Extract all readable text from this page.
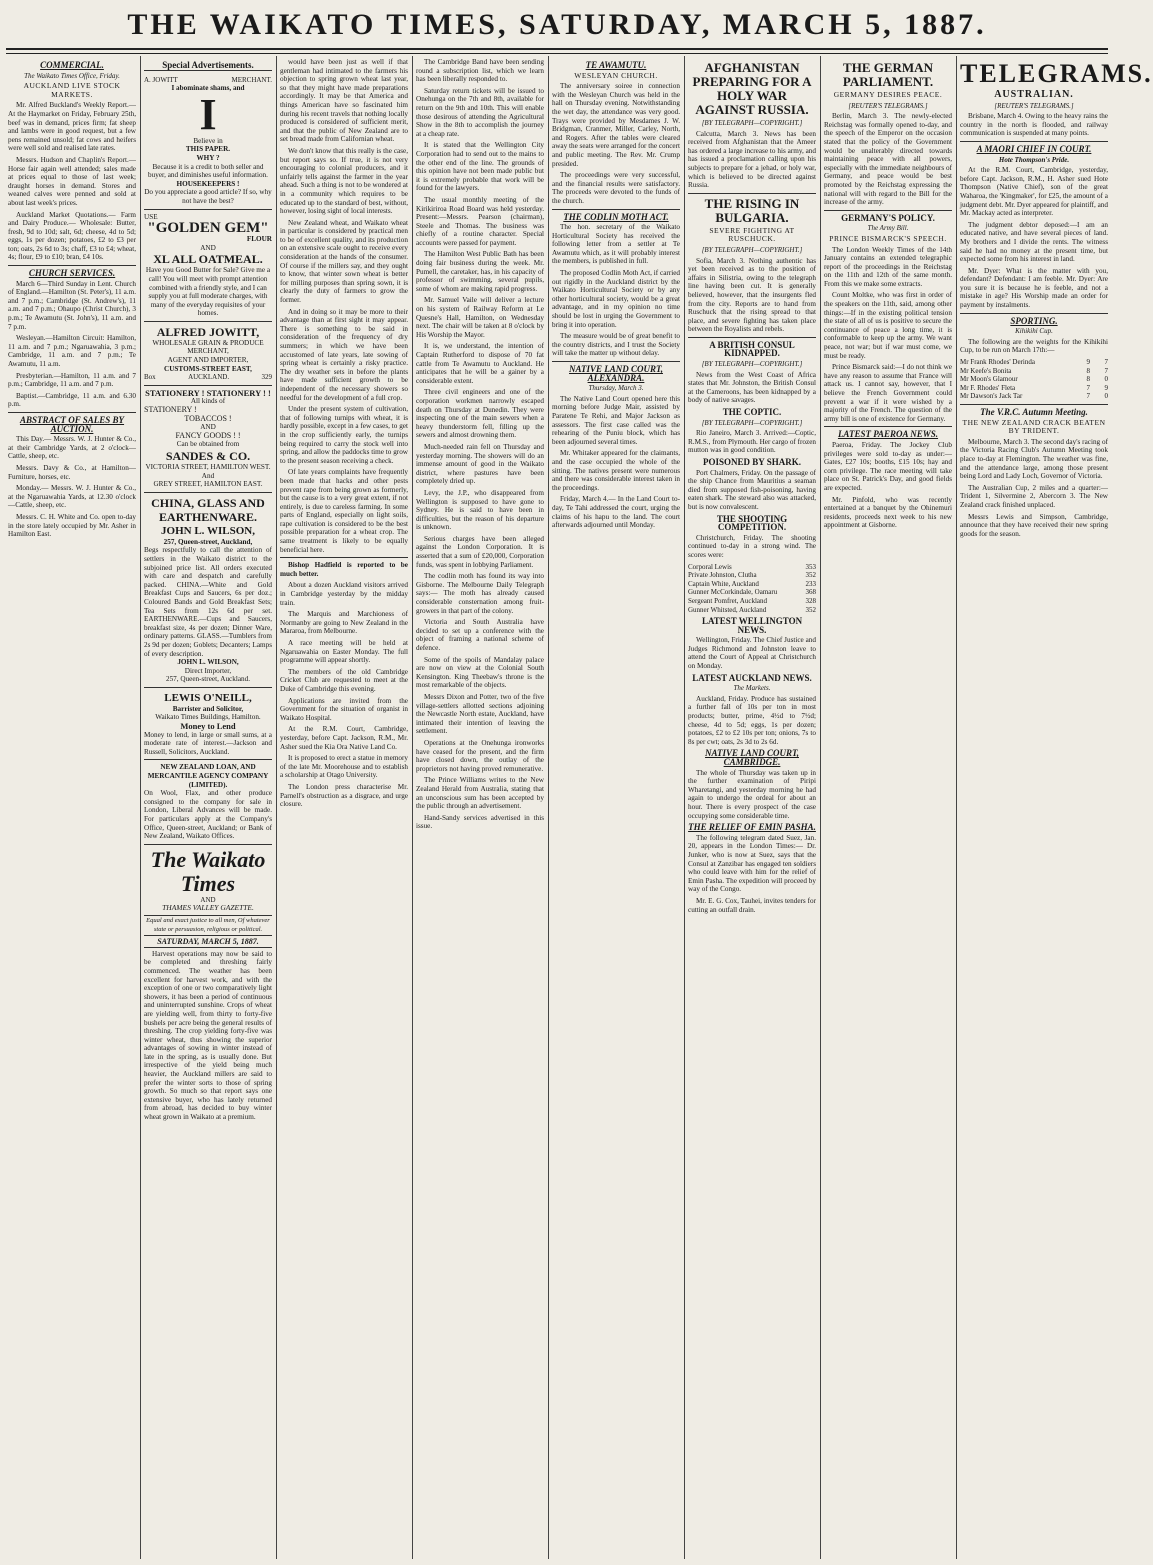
THE WAIKATO TIMES, SATURDAY, MARCH 5, 1887.
COMMERCIAL.
The Waikato Times Office, Friday.
AUCKLAND LIVE STOCK MARKETS.

Mr. Alfred Buckland's Weekly Report.— At the Haymarket on Friday, February 25th, beef was in demand, prices firm; fat sheep and lambs were in good request, but a few pens remained unsold; fat cows and heifers were well sold and realised late rates.

Messrs. Hudson and Chaplin's Report.— Horse fair again well attended; sales made at prices equal to those of last week; draught horses in demand. Stores and weaned calves were penned and sold at about last week's prices.

Auckland Market Quotations.— Farm and Dairy Produce.— Wholesale: Butter, fresh, 9d to 10d; salt, 6d; cheese, 4d to 5d; eggs, 1s per dozen; potatoes, £2 to £3 per ton; oats, 2s 6d to 3s; chaff, £3 to £4; wheat, 4s; flour, £9 to £10; bran, £4 10s.

CHURCH SERVICES.

March 6—Third Sunday in Lent. Church of England.—Hamilton (St. Peter's), 11 a.m. and 7 p.m.; Cambridge (St. Andrew's), 11 a.m. and 7 p.m.; Ohaupo (Christ Church), 3 p.m.; Te Awamutu (St. John's), 11 a.m. and 7 p.m.

Wesleyan.—Hamilton Circuit: Hamilton, 11 a.m. and 7 p.m.; Ngaruawahia, 3 p.m.; Cambridge, 11 a.m. and 7 p.m.; Te Awamutu, 11 a.m.

Presbyterian.—Hamilton, 11 a.m. and 7 p.m.; Cambridge, 11 a.m. and 7 p.m.

Baptist.—Cambridge, 11 a.m. and 6.30 p.m.

ABSTRACT OF SALES BY AUCTION.

This Day.— Messrs. W. J. Hunter & Co., at their Cambridge Yards, at 2 o'clock—Cattle, sheep, etc.

Messrs. Davy & Co., at Hamilton—Furniture, horses, etc.

Monday.— Messrs. W. J. Hunter & Co., at the Ngaruawahia Yards, at 12.30 o'clock—Cattle, sheep, etc.

Messrs. C. H. White and Co. open to-day in the store lately occupied by Mr. Asher in Hamilton East.

Special Advertisements.
A. JOWITT	MERCHANT.
I abominate shams, and
I
Believe in
THIS PAPER.
WHY ?
Because it is a credit to both seller and buyer, and diminishes useful information.
HOUSEKEEPERS !
Do you appreciate a good article? If so, why not have the best?
USE
"GOLDEN GEM"
FLOUR
AND
XL ALL OATMEAL.
Have you Good Butter for Sale? Give me a call! You will meet with prompt attention combined with a friendly style, and I can supply you at full moderate charges, with many of the everyday requisites of your homes.
ALFRED JOWITT,
WHOLESALE GRAIN & PRODUCE MERCHANT,
AGENT AND IMPORTER,
CUSTOMS-STREET EAST,
Box	AUCKLAND.	329
STATIONERY ! STATIONERY ! !
All kinds of
STATIONERY !
TOBACCOS !
AND
FANCY GOODS ! !
Can be obtained from
SANDES & CO.
VICTORIA STREET, HAMILTON WEST.
And
GREY STREET, HAMILTON EAST.
CHINA, GLASS AND
EARTHENWARE.
JOHN L. WILSON,
257, Queen-street, Auckland,
Begs respectfully to call the attention of settlers in the Waikato district to the subjoined price list. All orders executed with care and despatch and carefully packed. CHINA.—White and Gold Breakfast Cups and Saucers, 6s per doz.; Coloured Bands and Gold Breakfast Sets; Tea Sets from 12s 6d per set. EARTHENWARE.—Cups and Saucers, breakfast size, 4s per dozen; Dinner Ware, ordinary patterns. GLASS.—Tumblers from 2s 9d per dozen; Goblets; Decanters; Lamps of every description.
JOHN L. WILSON,
Direct Importer,
257, Queen-street, Auckland.
LEWIS O'NEILL,
Barrister and Solicitor,
Waikato Times Buildings, Hamilton.
Money to Lend
Money to lend, in large or small sums, at a moderate rate of interest.—Jackson and Russell, Solicitors, Auckland.
NEW ZEALAND LOAN, AND MERCANTILE AGENCY COMPANY (LIMITED).
On Wool, Flax, and other produce consigned to the company for sale in London, Liberal Advances will be made. For particulars apply at the Company's Office, Queen-street, Auckland; or Bank of New Zealand, Waikato Offices.
The Waikato Times
AND
THAMES VALLEY GAZETTE.
Equal and exact justice to all men, Of whatever state or persuasion, religious or political.
SATURDAY, MARCH 5, 1887.

Harvest operations may now be said to be completed and threshing fairly commenced. The weather has been excellent for harvest work, and with the exception of one or two comparatively light showers, it has been a period of continuous and uninterrupted sunshine. Crops of wheat are yielding well, from thirty to forty-five bushels per acre being the general results of threshing. The crop yielding forty-five was winter wheat, thus showing the superior advantages of sowing in winter instead of late in the spring, as is usually done. But irrespective of the yield being much heavier, the Auckland millers are said to prefer the winter sorts to those of spring growth. So much so that report says one extensive buyer, who has lately returned from abroad, has decided to buy winter wheat grown in Waikato at a premium.

would have been just as well if that gentleman had intimated to the farmers his objection to spring grown wheat last year, so that they might have made preparations accordingly. It may be that America and things American have so fascinated him during his recent travels that nothing locally produced is considered of sufficient merit, and that the public of New Zealand are to set bread made from Californian wheat.

We don't know that this really is the case, but report says so. If true, it is not very encouraging to colonial producers, and it unfairly tells against the farmer in the year ahead. Such a thing is not to be wondered at in a community which requires to be educated up to the standard of best, without, however, losing sight of local interests.

New Zealand wheat, and Waikato wheat in particular is considered by practical men to be of excellent quality, and its production on an extensive scale ought to receive every consideration at the hands of the consumer. Of course if the millers say, and they ought to know, that winter sown wheat is better for milling purposes than spring sown, it is clearly the duty of farmers to grow the former.

And in doing so it may be more to their advantage than at first sight it may appear. There is something to be said in consideration of the frequency of dry summers; in which we have been accustomed of late years, late sowing of spring wheat is certainly a risky practice. The dry weather sets in before the plants have made sufficient growth to be independent of the necessary showers so needful for the development of a full crop.

Under the present system of cultivation, that of following turnips with wheat, it is hardly possible, except in a few cases, to get in the crop sufficiently early, the turnips being required to carry the stock well into spring, and allow the paddocks time to grow to the present season receiving a check.

Of late years complaints have frequently been made that hacks and other pests prevent rape from being grown as formerly, but the cause is to a very great extent, if not entirely, is due to careless farming. In some parts of England, especially on light soils, rape cultivation is considered to be the best possible preparation for a wheat crop. The same treatment is likely to be equally beneficial here.

Bishop Hadfield is reported to be much better.

About a dozen Auckland visitors arrived in Cambridge yesterday by the midday train.

The Marquis and Marchioness of Normanby are going to New Zealand in the Mararoa, from Melbourne.

A race meeting will be held at Ngaruawahia on Easter Monday. The full programme will appear shortly.

The members of the old Cambridge Cricket Club are requested to meet at the Duke of Cambridge this evening.

Applications are invited from the Government for the situation of organist in Waikato Hospital.

At the R.M. Court, Cambridge, yesterday, before Capt. Jackson, R.M., Mr. Asher sued the Kia Ora Native Land Co.

It is proposed to erect a statue in memory of the late Mr. Moorehouse and to establish a scholarship at Otago University.

The London press characterise Mr. Parnell's obstruction as a disgrace, and urge closure.

The Cambridge Band have been sending round a subscription list, which we learn has been liberally responded to.

Saturday return tickets will be issued to Onehunga on the 7th and 8th, available for return on the 9th and 10th. This will enable those desirous of attending the Agricultural Show in the 8th to accomplish the journey at a cheap rate.

It is stated that the Wellington City Corporation had to send out to the mains to the other end of the line. The grounds of this opinion have not been made public but it is extremely probable that work will be found for the lawyers.

The usual monthly meeting of the Kirikiriroa Road Board was held yesterday. Present:—Messrs. Pearson (chairman), Steele and Thomas. The business was chiefly of a routine character. Special accounts were passed for payment.

The Hamilton West Public Bath has been doing fair business during the week. Mr. Pumell, the caretaker, has, in his capacity of professor of swimming, several pupils, some of whom are making rapid progress.

Mr. Samuel Vaile will deliver a lecture on his system of Railway Reform at Le Quesne's Hall, Hamilton, on Wednesday next. The chair will be taken at 8 o'clock by His Worship the Mayor.

It is, we understand, the intention of Captain Rutherford to dispose of 70 fat cattle from Te Awamutu to Auckland. He anticipates that he will be a gainer by a considerable extent.

Three civil engineers and one of the corporation workmen narrowly escaped death on Thursday at Dunedin. They were inspecting one of the main sewers when a heavy thunderstorm fell, filling up the sewers and almost drowning them.

Much-needed rain fell on Thursday and yesterday morning. The showers will do an immense amount of good in the Waikato district, where pastures have been completely dried up.

Levy, the J.P., who disappeared from Wellington is supposed to have gone to Sydney. He is said to have been in difficulties, but the reason of his departure is unknown.

Serious charges have been alleged against the London Corporation. It is asserted that a sum of £20,000, Corporation funds, was spent in lobbying Parliament.

The codlin moth has found its way into Gisborne. The Melbourne Daily Telegraph says:— The moth has already caused considerable consternation among fruit-growers in that part of the colony.

Victoria and South Australia have decided to set up a conference with the object of framing a national scheme of defence.

Some of the spoils of Mandalay palace are now on view at the Colonial South Kensington. King Theebaw's throne is the most remarkable of the objects.

Messrs Dixon and Potter, two of the five village-settlers allotted sections adjoining the Newcastle North estate, Auckland, have intimated their intention of leaving the settlement.

Operations at the Onehunga ironworks have ceased for the present, and the firm have closed down, the outlay of the proprietors not having proved remunerative.

The Prince Williams writes to the New Zealand Herald from Australia, stating that an unconscious sum has been accepted by the public through an advertisement.

Hand-Sandy services advertised in this issue.

TE AWAMUTU.
WESLEYAN CHURCH.

The anniversary soiree in connection with the Wesleyan Church was held in the hall on Thursday evening. Notwithstanding the wet day, the attendance was very good. Trays were provided by Mesdames J. W. Bridgman, Cranmer, Miller, Carley, North, and Rogers. After the tables were cleared away the seats were arranged for the concert and public meeting. The Rev. Mr. Crump presided.

The proceedings were very successful, and the financial results were satisfactory. The proceeds were devoted to the funds of the church.

THE CODLIN MOTH ACT.

The hon. secretary of the Waikato Horticultural Society has received the following letter from a settler at Te Awamutu which, as it will probably interest the members, is published in full.

The proposed Codlin Moth Act, if carried out rigidly in the Auckland district by the Waikato Horticultural Society or by any other horticultural society, would be a great advantage, and in my opinion no time should be lost in urging the Government to bring it into operation.

The measure would be of great benefit to the country districts, and I trust the Society will take the matter up without delay.

NATIVE LAND COURT, ALEXANDRA.
Thursday, March 3.

The Native Land Court opened here this morning before Judge Mair, assisted by Paratene Te Rehi, and Major Jackson as assessors. The first case called was the rehearing of the Puniu block, which has been adjourned several times.

Mr. Whitaker appeared for the claimants, and the case occupied the whole of the sitting. The natives present were numerous and there was considerable interest taken in the proceedings.

Friday, March 4.— In the Land Court to-day, Te Tahi addressed the court, urging the claims of his hapu to the land. The court afterwards adjourned until Monday.

AFGHANISTAN PREPARING FOR A HOLY WAR AGAINST RUSSIA.
[BY TELEGRAPH—COPYRIGHT.]

Calcutta, March 3. News has been received from Afghanistan that the Ameer has ordered a large increase to his army, and has issued a proclamation calling upon his subjects to prepare for a jehad, or holy war, which is believed to be directed against Russia.

THE RISING IN BULGARIA.
SEVERE FIGHTING AT RUSCHUCK.
[BY TELEGRAPH—COPYRIGHT.]

Sofia, March 3. Nothing authentic has yet been received as to the position of affairs in Silistria, owing to the telegraph line having been cut. It is generally believed, however, that the insurgents fled from the city. Reports are to hand from Ruschuck that the rising spread to that place, and severe fighting has taken place between the Royalists and rebels.

A BRITISH CONSUL KIDNAPPED.
[BY TELEGRAPH—COPYRIGHT.]

News from the West Coast of Africa states that Mr. Johnston, the British Consul at the Cameroons, has been kidnapped by a body of native savages.

THE COPTIC.
[BY TELEGRAPH—COPYRIGHT.]

Rio Janeiro, March 3. Arrived:—Coptic, R.M.S., from Plymouth. Her cargo of frozen mutton was in good condition.

POISONED BY SHARK.

Port Chalmers, Friday. On the passage of the ship Chance from Mauritius a seaman died from supposed fish-poisoning, having eaten shark. The steward also was attacked, but is now convalescent.

THE SHOOTING COMPETITION.

Christchurch, Friday. The shooting continued to-day in a strong wind. The scores were:

Corporal Lewis	353
Private Johnston, Clutha	352
Captain White, Auckland	233
Gunner McCorkindale, Oamaru	368
Sergeant Pomfret, Auckland	328
Gunner Whitsted, Auckland	352
LATEST WELLINGTON NEWS.

Wellington, Friday. The Chief Justice and Judges Richmond and Johnston leave to attend the Court of Appeal at Christchurch on Monday.

LATEST AUCKLAND NEWS.
The Markets.

Auckland, Friday. Produce has sustained a further fall of 10s per ton in most products; butter, prime, 4½d to 7½d; cheese, 4d to 5d; eggs, 1s per dozen; potatoes, £2 to £2 10s per ton; onions, 7s to 8s per cwt; oats, 2s 3d to 2s 6d.

NATIVE LAND COURT, CAMBRIDGE.

The whole of Thursday was taken up in the further examination of Piripi Wharetangi, and yesterday morning he had again to undergo the ordeal for about an hour. There is every prospect of the case occupying some considerable time.

THE RELIEF OF EMIN PASHA.

The following telegram dated Suez, Jan. 20, appears in the London Times:— Dr. Junker, who is now at Suez, says that the Consul at Zanzibar has engaged ten soldiers who could leave with him for the relief of Emin Pasha. The expedition will proceed by way of the Congo.

Mr. E. G. Cox, Tauhei, invites tenders for cutting an outfall drain.

THE GERMAN PARLIAMENT.
GERMANY DESIRES PEACE.
[REUTER'S TELEGRAMS.]

Berlin, March 3. The newly-elected Reichstag was formally opened to-day, and the speech of the Emperor on the occasion stated that the policy of the Government would be unalterably directed towards maintaining peace with all powers, especially with the immediate neighbours of Germany, and peace would be best promoted by the Reichstag expressing the national will with regard to the Bill for the increase of the army.

GERMANY'S POLICY.
The Army Bill.
PRINCE BISMARCK'S SPEECH.

The London Weekly Times of the 14th January contains an extended telegraphic report of the proceedings in the Reichstag on the 11th and 12th of the same month. From this we make some extracts.

Count Moltke, who was first in order of the speakers on the 11th, said, among other things:—If in the existing political tension the state of all of us is positive to secure the continuance of peace a long time, it is conformable to keep up the army. We want peace, not war; but if war must come, we must be ready.

Prince Bismarck said:—I do not think we have any reason to assume that France will attack us. I cannot say, however, that I believe the French Government could prevent a war if it were wished by a majority of the French. The question of the army bill is one of existence for Germany.

LATEST PAEROA NEWS.

Paeroa, Friday. The Jockey Club privileges were sold to-day as under:—Gates, £27 10s; booths, £15 10s; hay and corn privilege. The race meeting will take place on St. Patrick's Day, and good fields are expected.

Mr. Pinfold, who was recently entertained at a banquet by the Ohinemuri residents, proceeds next week to his new appointment at Gisborne.

TELEGRAMS.
AUSTRALIAN.
[REUTER'S TELEGRAMS.]

Brisbane, March 4. Owing to the heavy rains the country in the north is flooded, and railway communication is suspended at many points.

A MAORI CHIEF IN COURT.
Hote Thompson's Pride.

At the R.M. Court, Cambridge, yesterday, before Capt. Jackson, R.M., H. Asher sued Hote Thompson (Native Chief), son of the great Waharoa, the 'Kingmaker', for £25, the amount of a judgment debt. Mr. Dyer appeared for plaintiff, and Mr. Mackay acted as interpreter.

The judgment debtor deposed:—I am an educated native, and have several pieces of land. My brothers and I divide the rents. The witness said he had no money at the present time, but expected some from his interest in land.

Mr. Dyer: What is the matter with you, defendant? Defendant: I am feeble. Mr. Dyer: Are you sure it is because he is feeble, and not a mistake in age? His Worship made an order for payment by instalments.

SPORTING.
Kihikihi Cup.

The following are the weights for the Kihikihi Cup, to be run on March 17th:—

Mr Frank Rhodes' Derinda	9	7
Mr Keefe's Bonita	8	7
Mr Moon's Glamour	8	0
Mr F. Rhodes' Fleta	7	9
Mr Dawson's Jack Tar	7	0
The V.R.C. Autumn Meeting.
THE NEW ZEALAND CRACK BEATEN BY TRIDENT.

Melbourne, March 3. The second day's racing of the Victoria Racing Club's Autumn Meeting took place to-day at Flemington. The weather was fine, and the attendance large, among those present being Lord and Lady Loch, Governor of Victoria.

The Australian Cup, 2 miles and a quarter:—Trident 1, Silvermine 2, Abercorn 3. The New Zealand crack finished unplaced.

Messrs Lewis and Simpson, Cambridge, announce that they have received their new spring goods for the season.
